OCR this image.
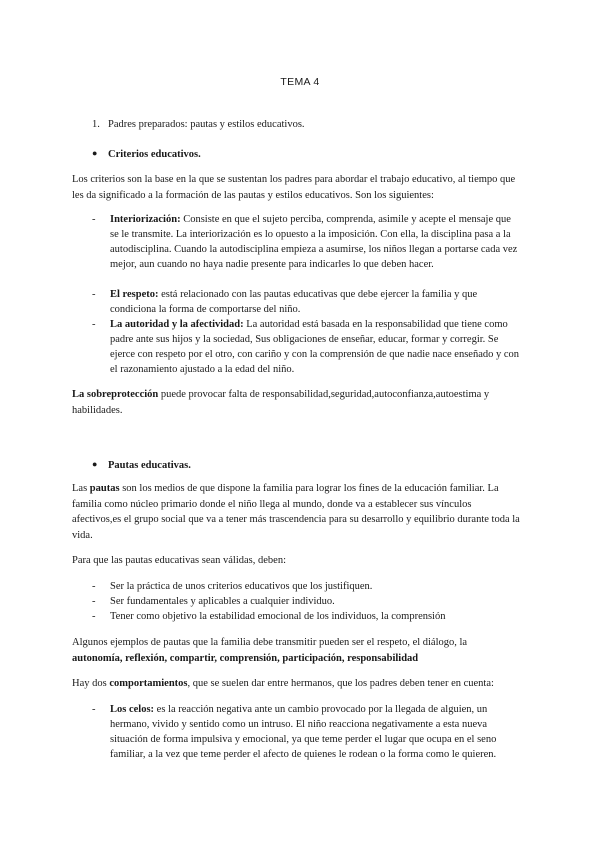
TEMA 4
1. Padres preparados: pautas y estilos educativos.
● Criterios educativos.

Los criterios son la base en la que se sustentan los padres para abordar el trabajo educativo, al tiempo que les da significado a la formación de las pautas y estilos educativos. Son los siguientes:

- Interiorización: Consiste en que el sujeto perciba, comprenda, asimile y acepte el mensaje que se le transmite. La interiorización es lo opuesto a la imposición. Con ella, la disciplina pasa a la autodisciplina. Cuando la autodisciplina empieza a asumirse, los niños llegan a portarse cada vez mejor, aun cuando no haya nadie presente para indicarles lo que deben hacer.
- El respeto: está relacionado con las pautas educativas que debe ejercer la familia y que condiciona la forma de comportarse del niño.
- La autoridad y la afectividad: La autoridad está basada en la responsabilidad que tiene como padre ante sus hijos y la sociedad, Sus obligaciones de enseñar, educar, formar y corregir. Se ejerce con respeto por el otro, con cariño y con la comprensión de que nadie nace enseñado y con el razonamiento ajustado a la edad del niño.

La sobreprotección puede provocar falta de responsabilidad,seguridad,autoconfianza,autoestima y habilidades.

● Pautas educativas.

Las pautas son los medios de que dispone la familia para lograr los fines de la educación familiar. La familia como núcleo primario donde el niño llega al mundo, donde va a establecer sus vínculos afectivos,es el grupo social que va a tener más trascendencia para su desarrollo y equilibrio durante toda la vida.

Para que las pautas educativas sean válidas, deben:

- Ser la práctica de unos criterios educativos que los justifiquen.
- Ser fundamentales y aplicables a cualquier individuo.
- Tener como objetivo la estabilidad emocional de los individuos, la comprensión

Algunos ejemplos de pautas que la familia debe transmitir pueden ser el respeto, el diálogo, la
autonomía, reflexión, compartir, comprensión, participación, responsabilidad

Hay dos comportamientos, que se suelen dar entre hermanos, que los padres deben tener en cuenta:

- Los celos: es la reacción negativa ante un cambio provocado por la llegada de alguien, un hermano, vivido y sentido como un intruso. El niño reacciona negativamente a esta nueva situación de forma impulsiva y emocional, ya que teme perder el lugar que ocupa en el seno familiar, a la vez que teme perder el afecto de quienes le rodean o la forma como le quieren.
